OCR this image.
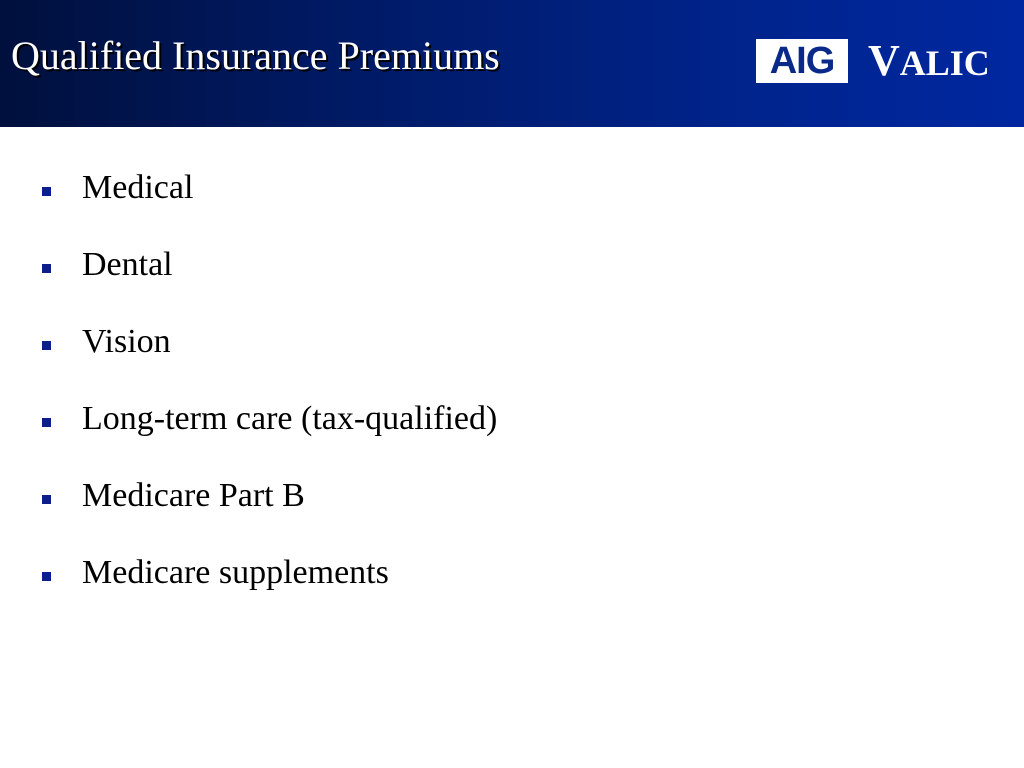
Qualified Insurance Premiums	AIG V ALIC
Medical
Dental
Vision
Long-term care (tax-qualified)
Medicare Part B
Medicare supplements
